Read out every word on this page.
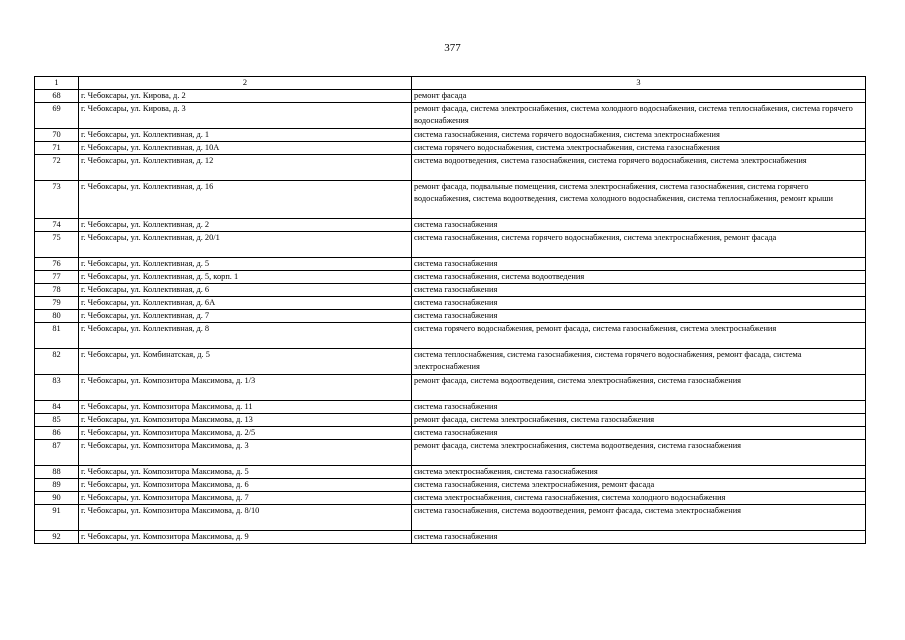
377
1	2	3
68	г. Чебоксары, ул. Кирова, д. 2	ремонт фасада
69	г. Чебоксары, ул. Кирова, д. 3	ремонт фасада, система электроснабжения, система холодного водоснабжения, система теплоснабжения, система горячего водоснабжения
70	г. Чебоксары, ул. Коллективная, д. 1	система газоснабжения, система горячего водоснабжения, система электроснабжения
71	г. Чебоксары, ул. Коллективная, д. 10А	система горячего водоснабжения, система электроснабжения, система газоснабжения
72	г. Чебоксары, ул. Коллективная, д. 12	система водоотведения, система газоснабжения, система горячего водоснабжения, система электроснабжения
73	г. Чебоксары, ул. Коллективная, д. 16	ремонт фасада, подвальные помещения, система электроснабжения, система газоснабжения, система горячего водоснабжения, система водоотведения, система холодного водоснабжения, система теплоснабжения, ремонт крыши
74	г. Чебоксары, ул. Коллективная, д. 2	система газоснабжения
75	г. Чебоксары, ул. Коллективная, д. 20/1	система газоснабжения, система горячего водоснабжения, система электроснабжения, ремонт фасада
76	г. Чебоксары, ул. Коллективная, д. 5	система газоснабжения
77	г. Чебоксары, ул. Коллективная, д. 5, корп. 1	система газоснабжения, система водоотведения
78	г. Чебоксары, ул. Коллективная, д. 6	система газоснабжения
79	г. Чебоксары, ул. Коллективная, д. 6А	система газоснабжения
80	г. Чебоксары, ул. Коллективная, д. 7	система газоснабжения
81	г. Чебоксары, ул. Коллективная, д. 8	система горячего водоснабжения, ремонт фасада, система газоснабжения, система электроснабжения
82	г. Чебоксары, ул. Комбинатская, д. 5	система теплоснабжения, система газоснабжения, система горячего водоснабжения, ремонт фасада, система электроснабжения
83	г. Чебоксары, ул. Композитора Максимова, д. 1/3	ремонт фасада, система водоотведения, система электроснабжения, система газоснабжения
84	г. Чебоксары, ул. Композитора Максимова, д. 11	система газоснабжения
85	г. Чебоксары, ул. Композитора Максимова, д. 13	ремонт фасада, система электроснабжения, система газоснабжения
86	г. Чебоксары, ул. Композитора Максимова, д. 2/5	система газоснабжения
87	г. Чебоксары, ул. Композитора Максимова, д. 3	ремонт фасада, система электроснабжения, система водоотведения, система газоснабжения
88	г. Чебоксары, ул. Композитора Максимова, д. 5	система электроснабжения, система газоснабжения
89	г. Чебоксары, ул. Композитора Максимова, д. 6	система газоснабжения, система электроснабжения, ремонт фасада
90	г. Чебоксары, ул. Композитора Максимова, д. 7	система электроснабжения, система газоснабжения, система холодного водоснабжения
91	г. Чебоксары, ул. Композитора Максимова, д. 8/10	система газоснабжения, система водоотведения, ремонт фасада, система электроснабжения
92	г. Чебоксары, ул. Композитора Максимова, д. 9	система газоснабжения
